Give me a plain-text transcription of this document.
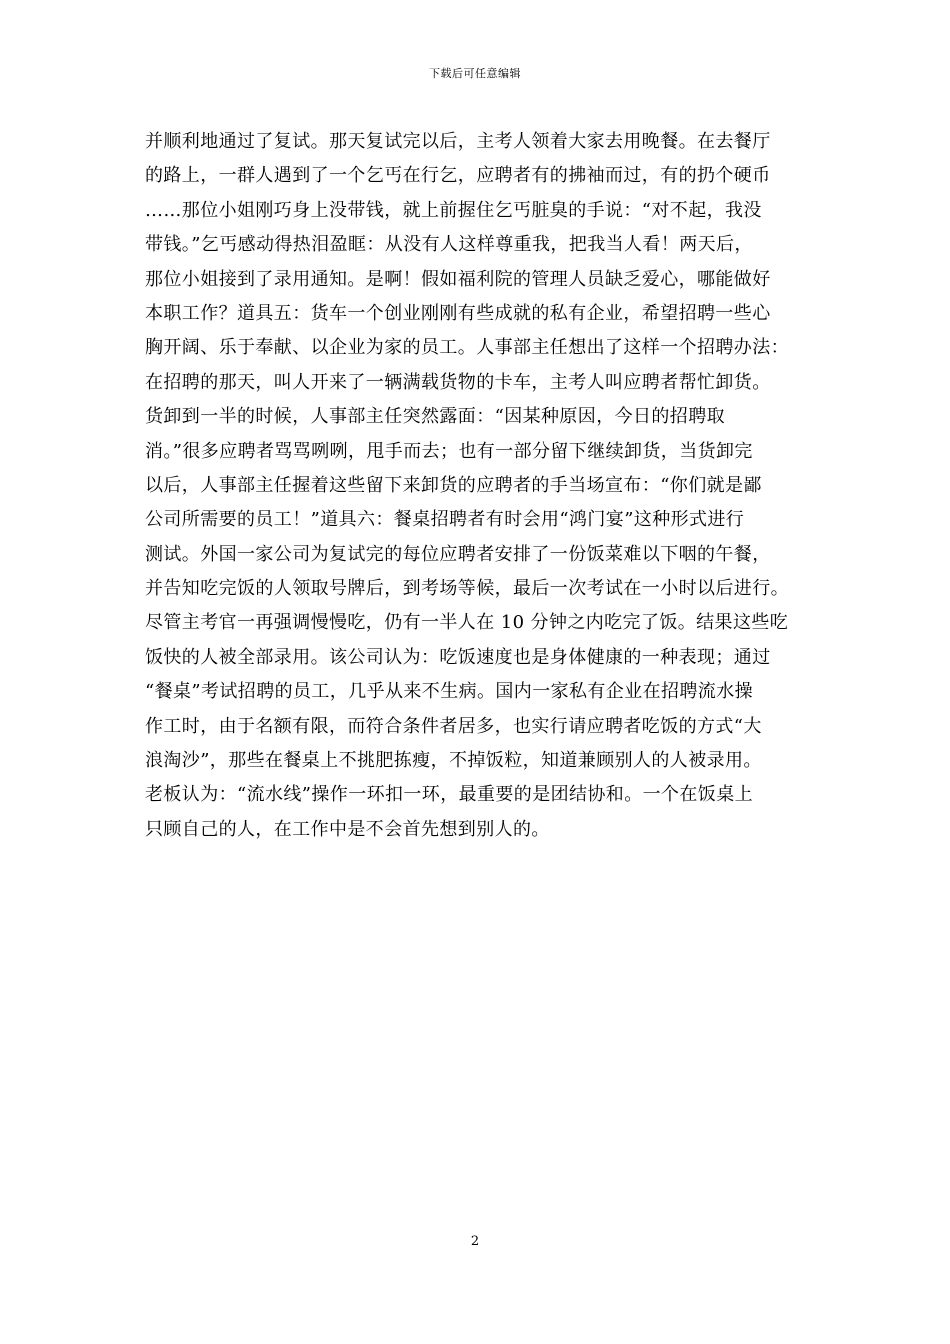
下载后可任意编辑
并顺利地通过了复试。那天复试完以后，主考人领着大家去用晚餐。在去餐厅
的路上，一群人遇到了一个乞丐在行乞，应聘者有的拂袖而过，有的扔个硬币
……那位小姐刚巧身上没带钱，就上前握住乞丐脏臭的手说：“对不起，我没
带钱。”乞丐感动得热泪盈眶：从没有人这样尊重我，把我当人看！两天后，
那位小姐接到了录用通知。是啊！假如福利院的管理人员缺乏爱心，哪能做好
本职工作？道具五：货车一个创业刚刚有些成就的私有企业，希望招聘一些心
胸开阔、乐于奉献、以企业为家的员工。人事部主任想出了这样一个招聘办法：
在招聘的那天，叫人开来了一辆满载货物的卡车，主考人叫应聘者帮忙卸货。
货卸到一半的时候，人事部主任突然露面：“因某种原因，今日的招聘取
消。”很多应聘者骂骂咧咧，甩手而去；也有一部分留下继续卸货，当货卸完
以后，人事部主任握着这些留下来卸货的应聘者的手当场宣布：“你们就是鄙
公司所需要的员工！”道具六：餐桌招聘者有时会用“鸿门宴”这种形式进行
测试。外国一家公司为复试完的每位应聘者安排了一份饭菜难以下咽的午餐，
并告知吃完饭的人领取号牌后，到考场等候，最后一次考试在一小时以后进行。
尽管主考官一再强调慢慢吃，仍有一半人在 10 分钟之内吃完了饭。结果这些吃
饭快的人被全部录用。该公司认为：吃饭速度也是身体健康的一种表现；通过
“餐桌”考试招聘的员工，几乎从来不生病。国内一家私有企业在招聘流水操
作工时，由于名额有限，而符合条件者居多，也实行请应聘者吃饭的方式“大
浪淘沙”，那些在餐桌上不挑肥拣瘦，不掉饭粒，知道兼顾别人的人被录用。
老板认为：“流水线”操作一环扣一环，最重要的是团结协和。一个在饭桌上
只顾自己的人，在工作中是不会首先想到别人的。
2
